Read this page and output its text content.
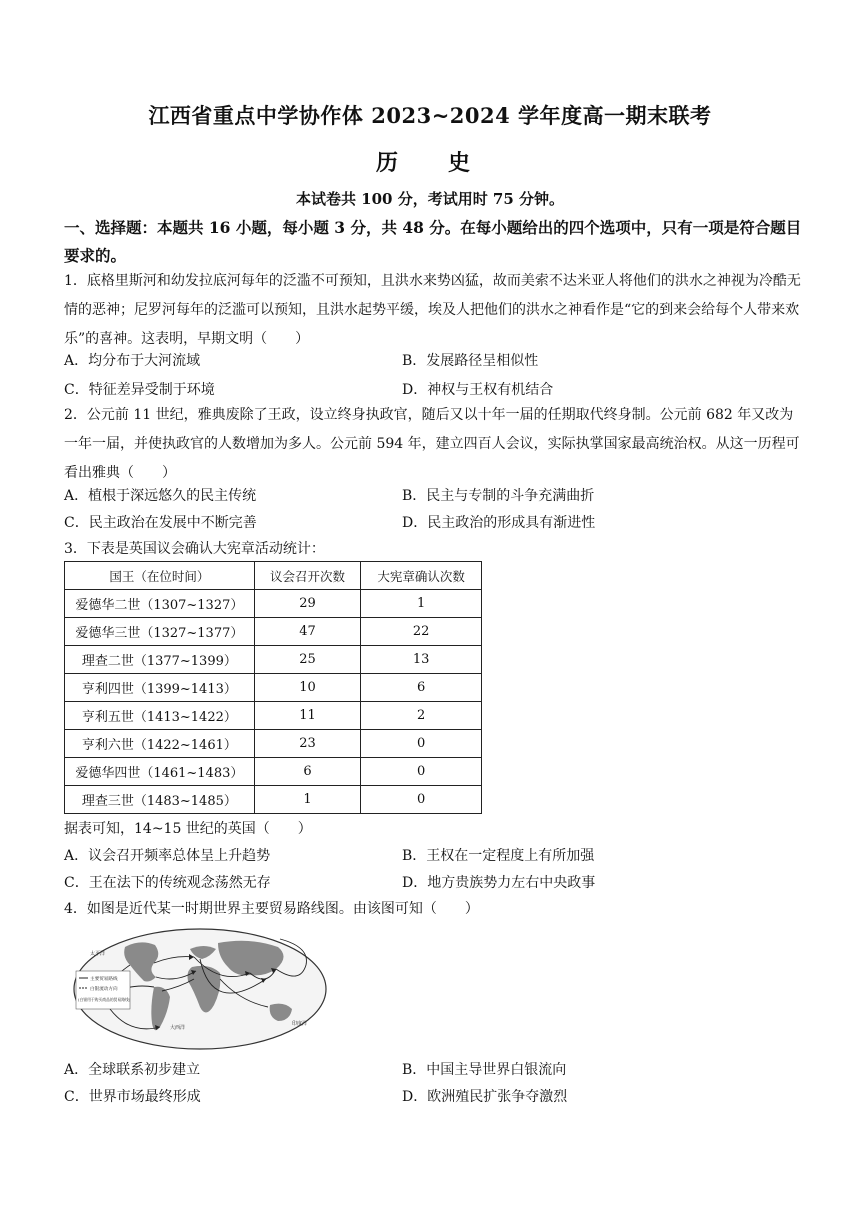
江西省重点中学协作体 2023~2024 学年度高一期末联考
历　史
本试卷共 100 分，考试用时 75 分钟。
一、选择题：本题共 16 小题，每小题 3 分，共 48 分。在每小题给出的四个选项中，只有一项是符合题目要求的。
1．底格里斯河和幼发拉底河每年的泛滥不可预知，且洪水来势凶猛，故而美索不达米亚人将他们的洪水之神视为冷酷无情的恶神；尼罗河每年的泛滥可以预知，且洪水起势平缓，埃及人把他们的洪水之神看作是“它的到来会给每个人带来欢乐”的喜神。这表明，早期文明（　　）
A．均分布于大河流域	B．发展路径呈相似性
C．特征差异受制于环境	D．神权与王权有机结合
2．公元前 11 世纪，雅典废除了王政，设立终身执政官，随后又以十年一届的任期取代终身制。公元前 682 年又改为一年一届，并使执政官的人数增加为多人。公元前 594 年，建立四百人会议，实际执掌国家最高统治权。从这一历程可看出雅典（　　）
A．植根于深远悠久的民主传统	B．民主与专制的斗争充满曲折
C．民主政治在发展中不断完善	D．民主政治的形成具有渐进性
3．下表是英国议会确认大宪章活动统计：
国王（在位时间）	议会召开次数	大宪章确认次数
爱德华二世（1307~1327）	29	1
爱德华三世（1327~1377）	47	22
理查二世（1377~1399）	25	13
亨利四世（1399~1413）	10	6
亨利五世（1413~1422）	11	2
亨利六世（1422~1461）	23	0
爱德华四世（1461~1483）	6	0
理查三世（1483~1485）	1	0
据表可知，14~15 世纪的英国（　　）
A．议会召开频率总体呈上升趋势	B．王权在一定程度上有所加强
C．王在法下的传统观念荡然无存	D．地方贵族势力左右中央政事
4．如图是近代某一时期世界主要贸易路线图。由该图可知（　　）
主要贸易路线
白银流动方向
(白银用于购买商品的贸易路线)
太平洋
大西洋
印度洋
A．全球联系初步建立	B．中国主导世界白银流向
C．世界市场最终形成	D．欧洲殖民扩张争夺激烈
